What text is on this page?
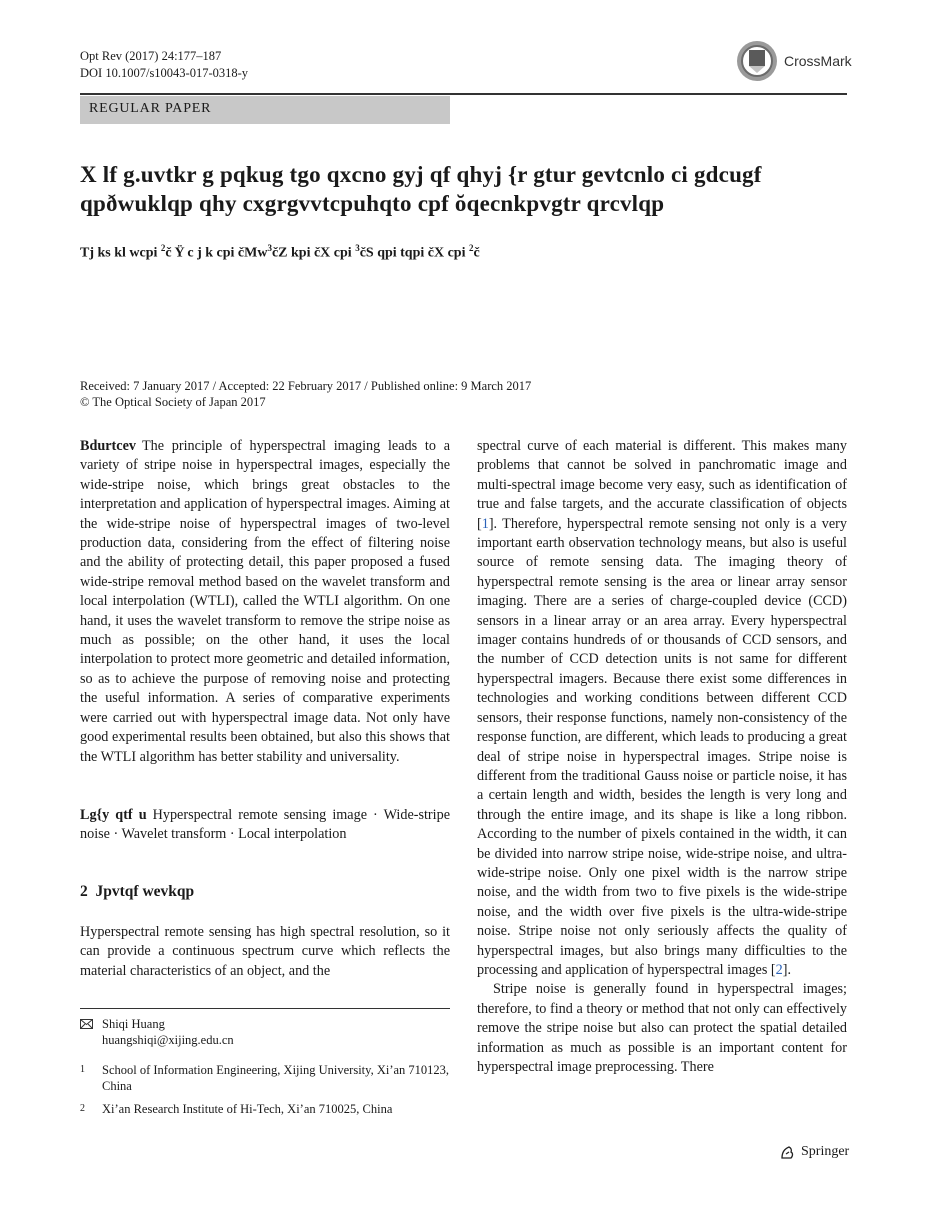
Opt Rev (2017) 24:177–187
DOI 10.1007/s10043-017-0318-y
CrossMark
REGULAR PAPER
X lf g.uvtkr g pqkug tgo qxcno gyj qf qhyj {r gtur gevtcnlo ci gdcugf qpðwuklqp qhy cxgrgvvtcpuhqto cpf ŏqecnkpvgtr qrcvlqp
Tj ks kl wcpi $^2$č Ÿ c j k cpi čMw$^3$čZ kpi čX cpi $^3$čS qpi tqpi čX cpi $^2$č
Received: 7 January 2017 / Accepted: 22 February 2017 / Published online: 9 March 2017
© The Optical Society of Japan 2017
Bdurtcev The principle of hyperspectral imaging leads to a variety of stripe noise in hyperspectral images, especially the wide-stripe noise, which brings great obstacles to the interpretation and application of hyperspectral images. Aiming at the wide-stripe noise of hyperspectral images of two-level production data, considering from the effect of filtering noise and the ability of protecting detail, this paper proposed a fused wide-stripe removal method based on the wavelet transform and local interpolation (WTLI), called the WTLI algorithm. On one hand, it uses the wavelet transform to remove the stripe noise as much as possible; on the other hand, it uses the local interpolation to protect more geometric and detailed information, so as to achieve the purpose of removing noise and protecting the useful information. A series of comparative experiments were carried out with hyperspectral image data. Not only have good experimental results been obtained, but also this shows that the WTLI algorithm has better stability and universality.
Lg{y qtf u Hyperspectral remote sensing image · Wide-stripe noise · Wavelet transform · Local interpolation
2 Jpvtqf wevkqp
Hyperspectral remote sensing has high spectral resolution, so it can provide a continuous spectrum curve which reflects the material characteristics of an object, and the
Shiqi Huang
huangshiqi@xijing.edu.cn
1	School of Information Engineering, Xijing University, Xi’an 710123, China
2	Xi’an Research Institute of Hi-Tech, Xi’an 710025, China

spectral curve of each material is different. This makes many problems that cannot be solved in panchromatic image and multi-spectral image become very easy, such as identification of true and false targets, and the accurate classification of objects [1]. Therefore, hyperspectral remote sensing not only is a very important earth observation technology means, but also is useful source of remote sensing data. The imaging theory of hyperspectral remote sensing is the area or linear array sensor imaging. There are a series of charge-coupled device (CCD) sensors in a linear array or an area array. Every hyperspectral imager contains hundreds of or thousands of CCD sensors, and the number of CCD detection units is not same for different hyperspectral imagers. Because there exist some differences in technologies and working conditions between different CCD sensors, their response functions, namely non-consistency of the response function, are different, which leads to producing a great deal of stripe noise in hyperspectral images. Stripe noise is different from the traditional Gauss noise or particle noise, it has a certain length and width, besides the length is very long and through the entire image, and its shape is like a long ribbon. According to the number of pixels contained in the width, it can be divided into narrow stripe noise, wide-stripe noise, and ultra-wide-stripe noise. Only one pixel width is the narrow stripe noise, and the width from two to five pixels is the wide-stripe noise, and the width over five pixels is the ultra-wide-stripe noise. Stripe noise not only seriously affects the quality of hyperspectral images, but also brings many difficulties to the processing and application of hyperspectral images [2].

Stripe noise is generally found in hyperspectral images; therefore, to find a theory or method that not only can effectively remove the stripe noise but also can protect the spatial detailed information as much as possible is an important content for hyperspectral image preprocessing. There

Springer
